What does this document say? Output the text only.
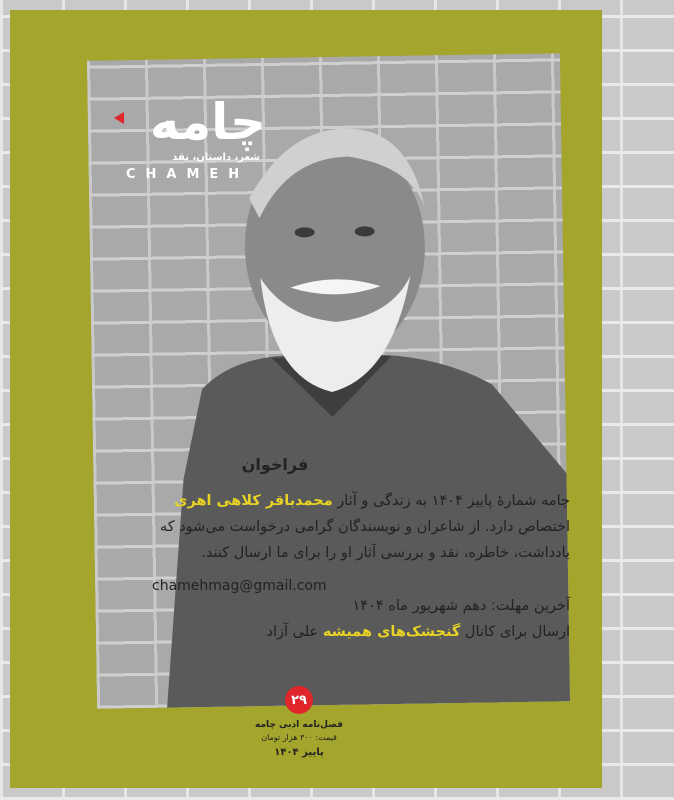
چامه
شعر، داستان، نقد
CHAMEH
فراخوان
چامه شمارهٔ پاییز ۱۴۰۴ به زندگی و آثار محمدباقر کلاهی اهری اختصاص دارد. از شاعران و نویسندگان گرامی درخواست می‌شود که یادداشت، خاطره، نقد و بررسی آثار او را برای ما ارسال کنند.
chamehmag@gmail.com
آخرین مهلت: دهم شهریور ماه ۱۴۰۴
ارسال برای کانال گنجشک‌های همیشه علی آزاد
۲۹
فصل‌نامه ادبی چامه
قیمت: ۳۰۰ هزار تومان
پاییز ۱۴۰۴
